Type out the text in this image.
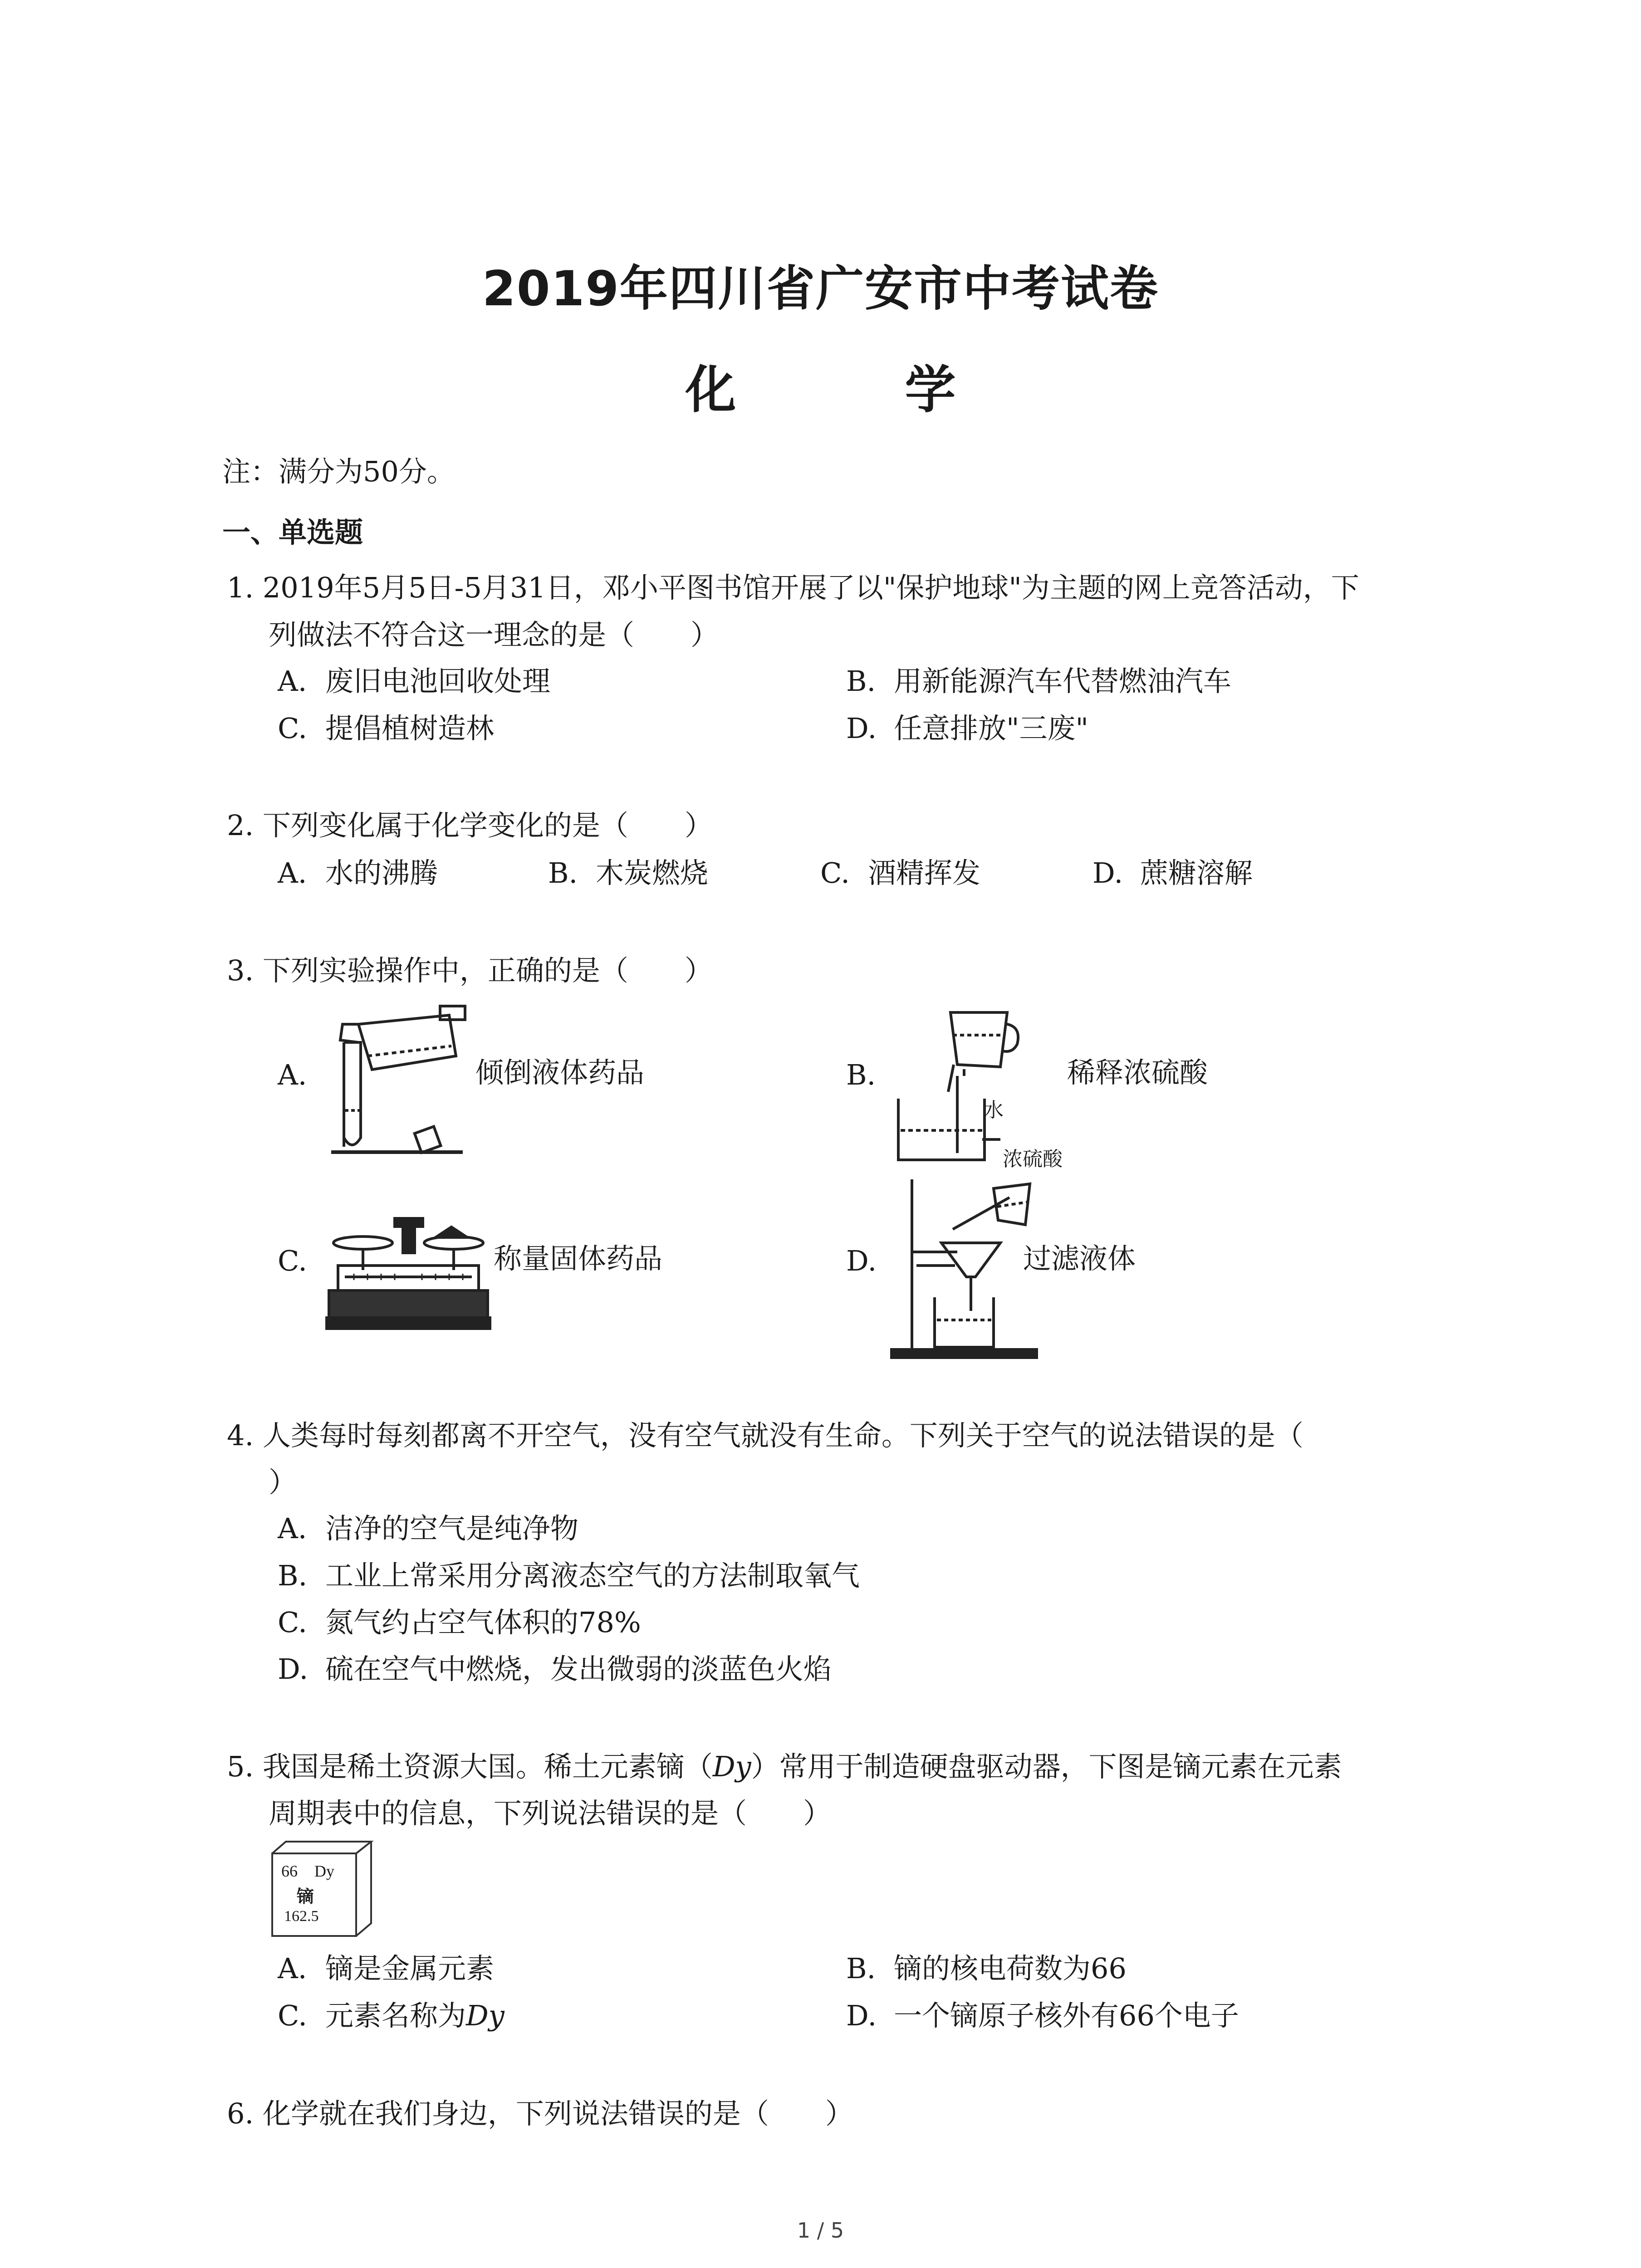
2019年四川省广安市中考试卷
化　学
注：满分为50分。
一、单选题
1. 2019年5月5日-5月31日，邓小平图书馆开展了以"保护地球"为主题的网上竞答活动，下
列做法不符合这一理念的是（　　）
A. 废旧电池回收处理	B. 用新能源汽车代替燃油汽车
C. 提倡植树造林	D. 任意排放"三废"
2. 下列变化属于化学变化的是（　　）
A. 水的沸腾	B. 木炭燃烧	C. 酒精挥发	D. 蔗糖溶解
3. 下列实验操作中，正确的是（　　）
A.	倾倒液体药品	B.
水
浓硫酸
稀释浓硫酸
C.	称量固体药品	D.	过滤液体
4. 人类每时每刻都离不开空气，没有空气就没有生命。下列关于空气的说法错误的是（
）
A. 洁净的空气是纯净物
B. 工业上常采用分离液态空气的方法制取氧气
C. 氮气约占空气体积的78%
D. 硫在空气中燃烧，发出微弱的淡蓝色火焰
5. 我国是稀土资源大国。稀土元素镝（Dy）常用于制造硬盘驱动器，下图是镝元素在元素
周期表中的信息，下列说法错误的是（　　）
66 Dy
镝
162.5
A. 镝是金属元素	B. 镝的核电荷数为66
C. 元素名称为Dy	D. 一个镝原子核外有66个电子
6. 化学就在我们身边，下列说法错误的是（　　）
1 / 5
